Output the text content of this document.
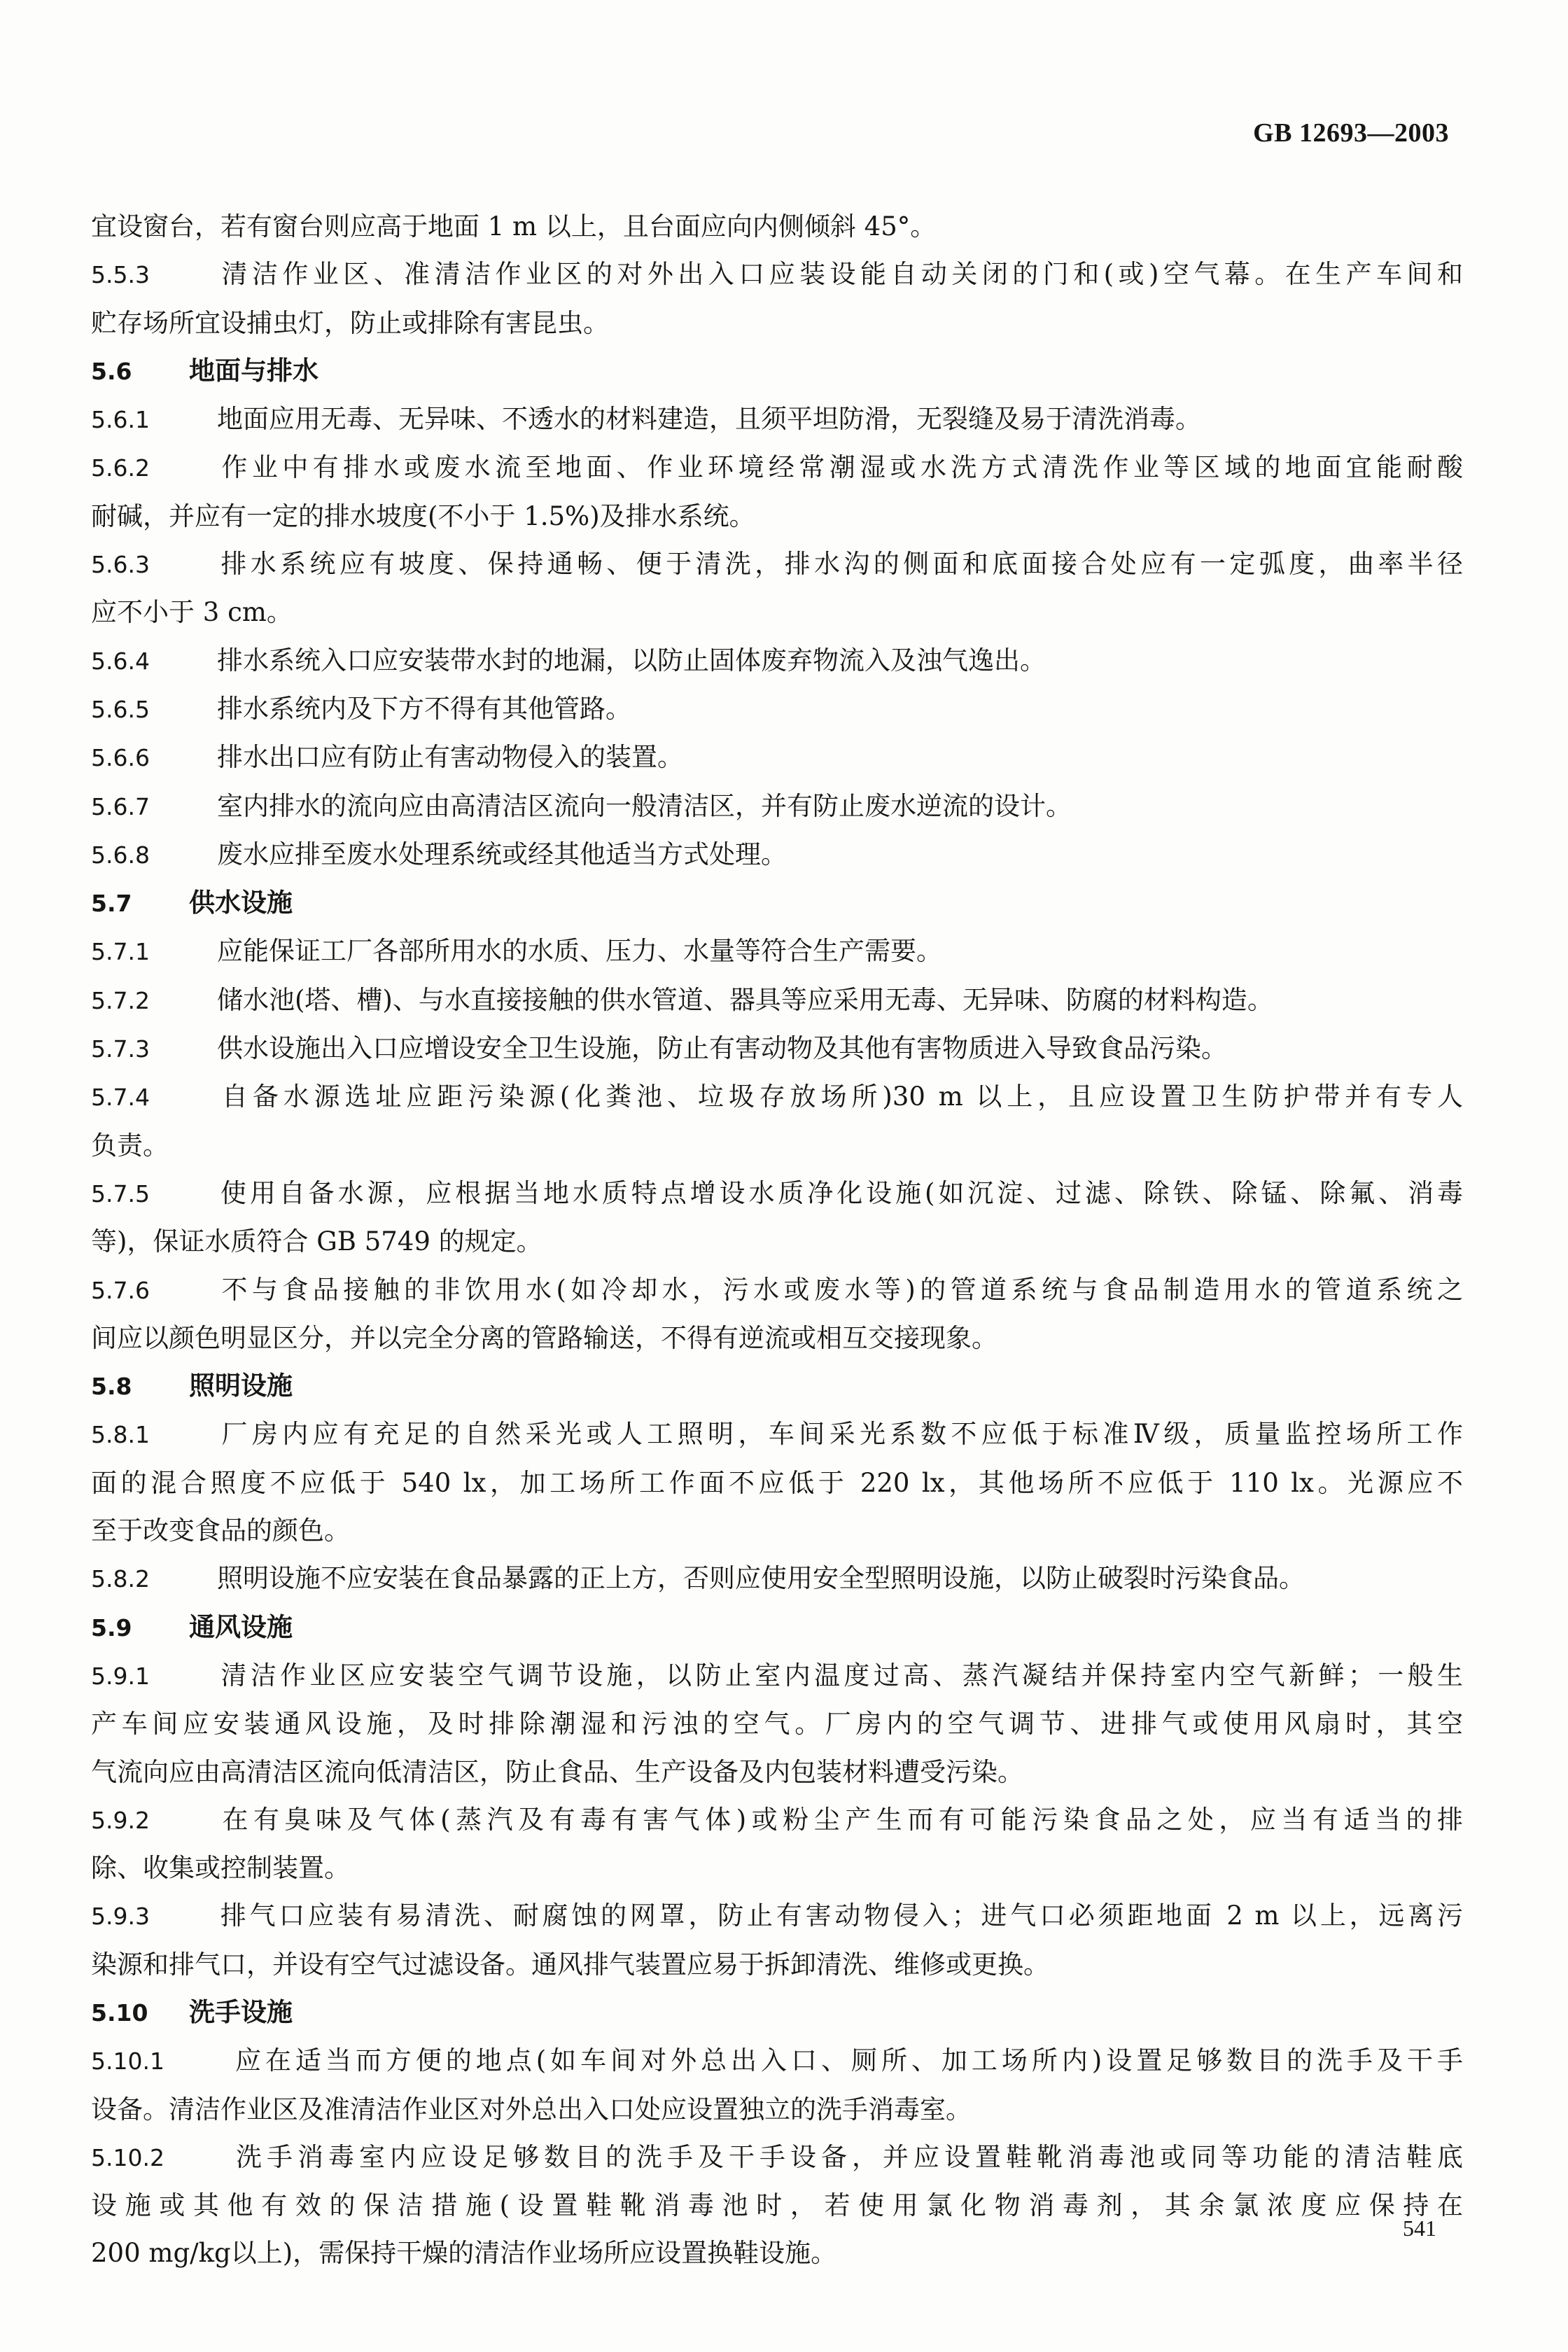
GB 12693—2003
宜设窗台，若有窗台则应高于地面 1 m 以上，且台面应向内侧倾斜 45°。
5.5.3	清洁作业区、准清洁作业区的对外出入口应装设能自动关闭的门和(或)空气幕。在生产车间和
贮存场所宜设捕虫灯，防止或排除有害昆虫。
5.6 地面与排水
5.6.1	地面应用无毒、无异味、不透水的材料建造，且须平坦防滑，无裂缝及易于清洗消毒。
5.6.2	作业中有排水或废水流至地面、作业环境经常潮湿或水洗方式清洗作业等区域的地面宜能耐酸
耐碱，并应有一定的排水坡度(不小于 1.5%)及排水系统。
5.6.3	排水系统应有坡度、保持通畅、便于清洗，排水沟的侧面和底面接合处应有一定弧度，曲率半径
应不小于 3 cm。
5.6.4	排水系统入口应安装带水封的地漏，以防止固体废弃物流入及浊气逸出。
5.6.5	排水系统内及下方不得有其他管路。
5.6.6	排水出口应有防止有害动物侵入的装置。
5.6.7	室内排水的流向应由高清洁区流向一般清洁区，并有防止废水逆流的设计。
5.6.8	废水应排至废水处理系统或经其他适当方式处理。
5.7 供水设施
5.7.1	应能保证工厂各部所用水的水质、压力、水量等符合生产需要。
5.7.2	储水池(塔、槽)、与水直接接触的供水管道、器具等应采用无毒、无异味、防腐的材料构造。
5.7.3	供水设施出入口应增设安全卫生设施，防止有害动物及其他有害物质进入导致食品污染。
5.7.4	自备水源选址应距污染源(化粪池、垃圾存放场所)30 m 以上，且应设置卫生防护带并有专人
负责。
5.7.5	使用自备水源，应根据当地水质特点增设水质净化设施(如沉淀、过滤、除铁、除锰、除氟、消毒
等)，保证水质符合 GB 5749 的规定。
5.7.6	不与食品接触的非饮用水(如冷却水，污水或废水等)的管道系统与食品制造用水的管道系统之
间应以颜色明显区分，并以完全分离的管路输送，不得有逆流或相互交接现象。
5.8 照明设施
5.8.1	厂房内应有充足的自然采光或人工照明，车间采光系数不应低于标准Ⅳ级，质量监控场所工作
面的混合照度不应低于 540 lx，加工场所工作面不应低于 220 lx，其他场所不应低于 110 lx。光源应不
至于改变食品的颜色。
5.8.2	照明设施不应安装在食品暴露的正上方，否则应使用安全型照明设施，以防止破裂时污染食品。
5.9 通风设施
5.9.1	清洁作业区应安装空气调节设施，以防止室内温度过高、蒸汽凝结并保持室内空气新鲜；一般生
产车间应安装通风设施，及时排除潮湿和污浊的空气。厂房内的空气调节、进排气或使用风扇时，其空
气流向应由高清洁区流向低清洁区，防止食品、生产设备及内包装材料遭受污染。
5.9.2	在有臭味及气体(蒸汽及有毒有害气体)或粉尘产生而有可能污染食品之处，应当有适当的排
除、收集或控制装置。
5.9.3	排气口应装有易清洗、耐腐蚀的网罩，防止有害动物侵入；进气口必须距地面 2 m 以上，远离污
染源和排气口，并设有空气过滤设备。通风排气装置应易于拆卸清洗、维修或更换。
5.10 洗手设施
5.10.1	应在适当而方便的地点(如车间对外总出入口、厕所、加工场所内)设置足够数目的洗手及干手
设备。清洁作业区及准清洁作业区对外总出入口处应设置独立的洗手消毒室。
5.10.2	洗手消毒室内应设足够数目的洗手及干手设备，并应设置鞋靴消毒池或同等功能的清洁鞋底
设施或其他有效的保洁措施(设置鞋靴消毒池时，若使用氯化物消毒剂，其余氯浓度应保持在
200 mg/kg以上)，需保持干燥的清洁作业场所应设置换鞋设施。
541
